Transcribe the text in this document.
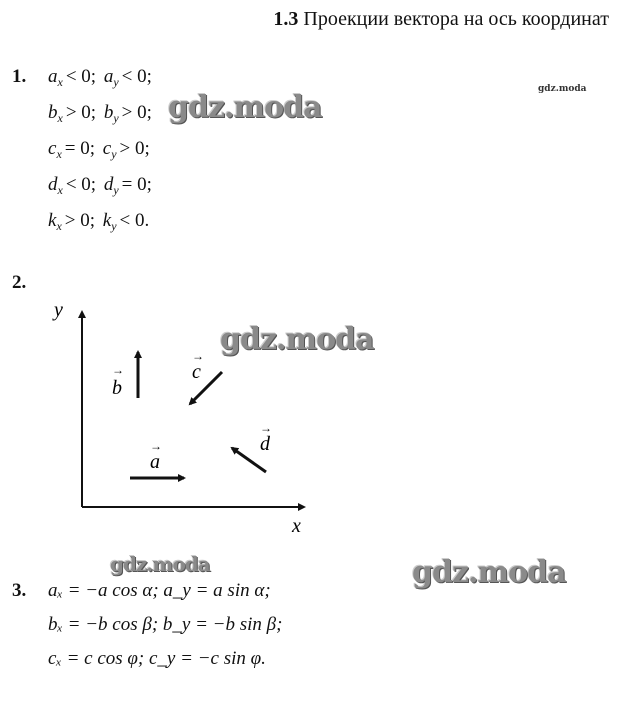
1.3 Проекции вектора на ось координат
gdz.moda
gdz.moda
gdz.moda
gdz.moda	gdz.moda
1. $a_x < 0$; $a_y < 0$;
$b_x > 0$; $b_y > 0$;
$c_x = 0$; $c_y > 0$;
$d_x < 0$; $d_y = 0$;
$k_x > 0$; $k_y < 0$.
2.
y
x
a
→
b
→	c
→
d
→
3. aₓ = −a cos α; a_y = a sin α;
bₓ = −b cos β; b_y = −b sin β;
cₓ = c cos φ; c_y = −c sin φ.
